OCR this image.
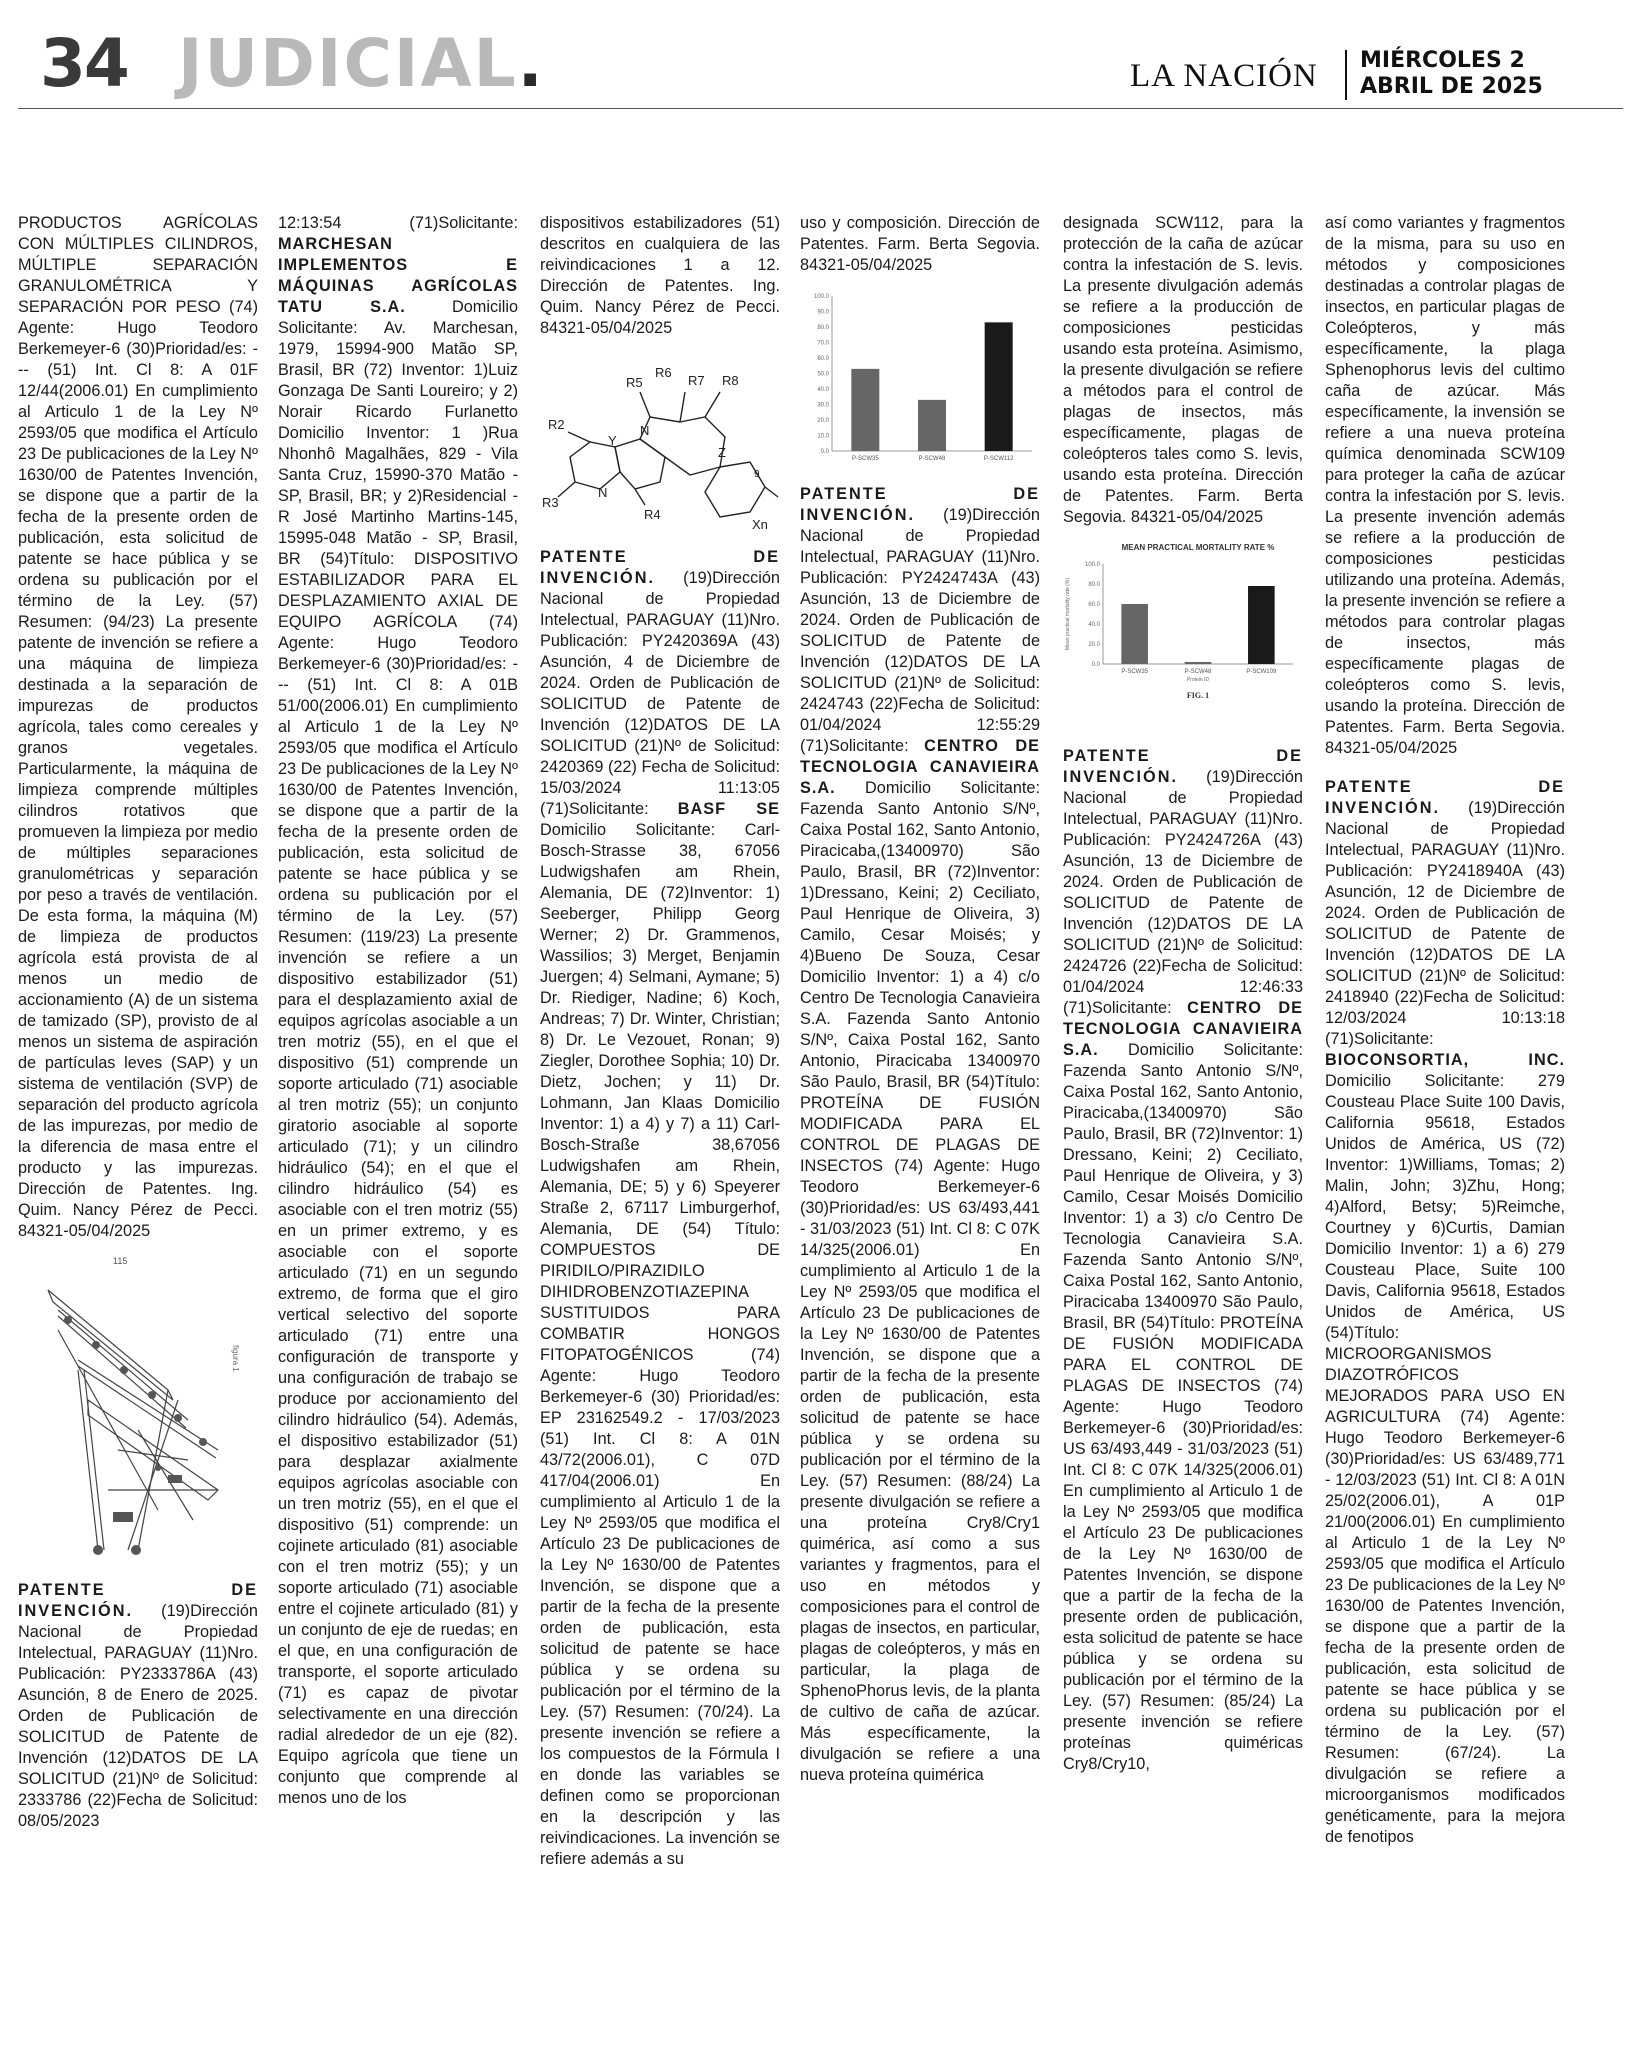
34 JUDICIAL.	LA NACIÓN MIÉRCOLES 2
ABRIL DE 2025

PRODUCTOS AGRÍCOLAS CON MÚLTIPLES CILINDROS, MÚLTIPLE SEPARACIÓN GRANULOMÉTRICA Y SEPARACIÓN POR PESO (74) Agente: Hugo Teodoro Berkemeyer-6 (30)Prioridad/es: --- (51) Int. Cl 8: A 01F 12/44(2006.01) En cumplimiento al Articulo 1 de la Ley Nº 2593/05 que modifica el Artículo 23 De publicaciones de la Ley Nº 1630/00 de Patentes Invención, se dispone que a partir de la fecha de la presente orden de publicación, esta solicitud de patente se hace pública y se ordena su publicación por el término de la Ley. (57) Resumen: (94/23) La presente patente de invención se refiere a una máquina de limpieza destinada a la separación de impurezas de productos agrícola, tales como cereales y granos vegetales. Particularmente, la máquina de limpieza comprende múltiples cilindros rotativos que promueven la limpieza por medio de múltiples separaciones granulométricas y separación por peso a través de ventilación. De esta forma, la máquina (M) de limpieza de productos agrícola está provista de al menos un medio de accionamiento (A) de un sistema de tamizado (SP), provisto de al menos un sistema de aspiración de partículas leves (SAP) y un sistema de ventilación (SVP) de separación del producto agrícola de las impurezas, por medio de la diferencia de masa entre el producto y las impurezas. Dirección de Patentes. Ing. Quim. Nancy Pérez de Pecci. 84321-05/04/2025

115
figura 1

PATENTE DE INVENCIÓN. (19)Dirección Nacional de Propiedad Intelectual, PARAGUAY (11)Nro. Publicación: PY2333786A (43) Asunción, 8 de Enero de 2025. Orden de Publicación de SOLICITUD de Patente de Invención (12)DATOS DE LA SOLICITUD (21)Nº de Solicitud: 2333786 (22)Fecha de Solicitud: 08/05/2023

12:13:54 (71)Solicitante: MARCHESAN IMPLEMENTOS E MÁQUINAS AGRÍCOLAS TATU S.A.	Domicilio Solicitante: Av. Marchesan, 1979, 15994-900 Matão SP, Brasil, BR (72) Inventor: 1)Luiz Gonzaga De Santi Loureiro; y 2) Norair Ricardo Furlanetto Domicilio Inventor: 1 )Rua Nhonhô Magalhães, 829 - Vila Santa Cruz, 15990-370 Matão - SP, Brasil, BR; y 2)Residencial - R José Martinho Martins-145, 15995-048 Matão - SP, Brasil, BR (54)Título: DISPOSITIVO ESTABILIZADOR PARA EL DESPLAZAMIENTO AXIAL DE EQUIPO AGRÍCOLA (74) Agente: Hugo Teodoro Berkemeyer-6 (30)Prioridad/es: --- (51) Int. Cl 8: A 01B 51/00(2006.01) En cumplimiento al Articulo 1 de la Ley Nº 2593/05 que modifica el Artículo 23 De publicaciones de la Ley Nº 1630/00 de Patentes Invención, se dispone que a partir de la fecha de la presente orden de publicación, esta solicitud de patente se hace pública y se ordena su publicación por el término de la Ley. (57) Resumen: (119/23) La presente invención se refiere a un dispositivo estabilizador (51) para el desplazamiento axial de equipos agrícolas asociable a un tren motriz (55), en el que el dispositivo (51) comprende un soporte articulado (71) asociable al tren motriz (55); un conjunto giratorio asociable al soporte articulado (71); y un cilindro hidráulico (54); en el que el cilindro hidráulico (54) es asociable con el tren motriz (55) en un primer extremo, y es asociable con el soporte articulado (71) en un segundo extremo, de forma que el giro vertical selectivo del soporte articulado (71) entre una configuración de transporte y una configuración de trabajo se produce por accionamiento del cilindro hidráulico (54). Además, el dispositivo estabilizador (51) para desplazar axialmente equipos agrícolas asociable con un tren motriz (55), en el que el dispositivo (51) comprende: un cojinete articulado (81) asociable con el tren motriz (55); y un soporte articulado (71) asociable entre el cojinete articulado (81) y un conjunto de eje de ruedas; en el que, en una configuración de transporte, el soporte articulado (71) es capaz de pivotar selectivamente en una dirección radial alrededor de un eje (82). Equipo agrícola que tiene un conjunto que comprende al menos uno de los

dispositivos estabilizadores (51) descritos en cualquiera de las reivindicaciones 1 a 12. Dirección de Patentes. Ing. Quim. Nancy Pérez de Pecci. 84321-05/04/2025

R5
R6
R7 R8
R2
R3
R4
Y
N
N
Z
Xn
9

PATENTE DE INVENCIÓN. (19)Dirección Nacional de Propiedad Intelectual, PARAGUAY (11)Nro. Publicación: PY2420369A (43) Asunción, 4 de Diciembre de 2024. Orden de Publicación de SOLICITUD de Patente de Invención (12)DATOS DE LA SOLICITUD (21)Nº de Solicitud: 2420369 (22) Fecha de Solicitud: 15/03/2024 11:13:05 (71)Solicitante: BASF SE Domicilio Solicitante: Carl-Bosch-Strasse 38, 67056 Ludwigshafen am Rhein, Alemania, DE (72)Inventor: 1) Seeberger, Philipp Georg Werner; 2) Dr. Grammenos, Wassilios; 3) Merget, Benjamin Juergen; 4) Selmani, Aymane; 5) Dr. Riediger, Nadine; 6) Koch, Andreas; 7) Dr. Winter, Christian; 8) Dr. Le Vezouet, Ronan; 9) Ziegler, Dorothee Sophia; 10) Dr. Dietz, Jochen; y 11) Dr. Lohmann, Jan Klaas Domicilio Inventor: 1) a 4) y 7) a 11) Carl-Bosch-Straße 38,67056 Ludwigshafen am Rhein, Alemania, DE; 5) y 6) Speyerer Straße 2, 67117 Limburgerhof, Alemania, DE (54) Título: COMPUESTOS DE PIRIDILO/PIRAZIDILO DIHIDROBENZOTIAZEPINA SUSTITUIDOS PARA COMBATIR HONGOS FITOPATOGÉNICOS (74) Agente: Hugo Teodoro Berkemeyer-6 (30) Prioridad/es: EP 23162549.2 - 17/03/2023 (51) Int. Cl 8: A 01N 43/72(2006.01), C 07D 417/04(2006.01) En cumplimiento al Articulo 1 de la Ley Nº 2593/05 que modifica el Artículo 23 De publicaciones de la Ley Nº 1630/00 de Patentes Invención, se dispone que a partir de la fecha de la presente orden de publicación, esta solicitud de patente se hace pública y se ordena su publicación por el término de la Ley. (57) Resumen: (70/24). La presente invención se refiere a los compuestos de la Fórmula I en donde las variables se definen como se proporcionan en la descripción y las reivindicaciones. La invención se refiere además a su

uso y composición. Dirección de Patentes. Farm. Berta Segovia. 84321-05/04/2025

0.0
10.0
20.0
30.0
40.0
50.0
60.0
70.0
80.0
90.0
100.0
P-SCW35	P-SCW48	P-SCW112

PATENTE DE INVENCIÓN. (19)Dirección Nacional de Propiedad Intelectual, PARAGUAY (11)Nro. Publicación: PY2424743A (43) Asunción, 13 de Diciembre de 2024. Orden de Publicación de SOLICITUD de Patente de Invención (12)DATOS DE LA SOLICITUD (21)Nº de Solicitud: 2424743 (22)Fecha de Solicitud: 01/04/2024 12:55:29 (71)Solicitante: CENTRO DE TECNOLOGIA CANAVIEIRA S.A. Domicilio Solicitante: Fazenda Santo Antonio S/Nº, Caixa Postal 162, Santo Antonio, Piracicaba,(13400970) São Paulo, Brasil, BR (72)Inventor: 1)Dressano, Keini; 2) Ceciliato, Paul Henrique de Oliveira, 3) Camilo, Cesar Moisés; y 4)Bueno De Souza, Cesar Domicilio Inventor: 1) a 4) c/o Centro De Tecnologia Canavieira S.A. Fazenda Santo Antonio S/Nº, Caixa Postal 162, Santo Antonio, Piracicaba 13400970 São Paulo, Brasil, BR (54)Título: PROTEÍNA DE FUSIÓN MODIFICADA PARA EL CONTROL DE PLAGAS DE INSECTOS (74) Agente: Hugo Teodoro Berkemeyer-6 (30)Prioridad/es: US 63/493,441 - 31/03/2023 (51) Int. Cl 8: C 07K 14/325(2006.01) En cumplimiento al Articulo 1 de la Ley Nº 2593/05 que modifica el Artículo 23 De publicaciones de la Ley Nº 1630/00 de Patentes Invención, se dispone que a partir de la fecha de la presente orden de publicación, esta solicitud de patente se hace pública y se ordena su publicación por el término de la Ley. (57) Resumen: (88/24) La presente divulgación se refiere a una proteína Cry8/Cry1 quimérica, así como a sus variantes y fragmentos, para el uso en métodos y composiciones para el control de plagas de insectos, en particular, plagas de coleópteros, y más en particular, la plaga de SphenoPhorus levis, de la planta de cultivo de caña de azúcar. Más específicamente, la divulgación se refiere a una nueva proteína quimérica

designada SCW112, para la protección de la caña de azúcar contra la infestación de S. levis. La presente divulgación además se refiere a la producción de composiciones pesticidas usando esta proteína. Asimismo, la presente divulgación se refiere a métodos para el control de plagas de insectos, más específicamente, plagas de coleópteros tales como S. levis, usando esta proteína. Dirección de Patentes. Farm. Berta Segovia. 84321-05/04/2025

MEAN PRACTICAL MORTALITY RATE %
0.0
20.0
40.0
60.0
80.0
100.0
Mean practical mortality rate (%)
P-SCW35	P-SCW48	P-SCW109
Protein ID
FIG. 1

PATENTE DE INVENCIÓN. (19)Dirección Nacional de Propiedad Intelectual, PARAGUAY (11)Nro. Publicación: PY2424726A (43) Asunción, 13 de Diciembre de 2024. Orden de Publicación de SOLICITUD de Patente de Invención (12)DATOS DE LA SOLICITUD (21)Nº de Solicitud: 2424726 (22)Fecha de Solicitud: 01/04/2024 12:46:33 (71)Solicitante: CENTRO DE TECNOLOGIA CANAVIEIRA S.A. Domicilio Solicitante: Fazenda Santo Antonio S/Nº, Caixa Postal 162, Santo Antonio, Piracicaba,(13400970) São Paulo, Brasil, BR (72)Inventor: 1) Dressano, Keini; 2) Ceciliato, Paul Henrique de Oliveira, y 3) Camilo, Cesar Moisés Domicilio Inventor: 1) a 3) c/o Centro De Tecnologia Canavieira S.A. Fazenda Santo Antonio S/Nº, Caixa Postal 162, Santo Antonio, Piracicaba 13400970 São Paulo, Brasil, BR (54)Título: PROTEÍNA DE FUSIÓN MODIFICADA PARA EL CONTROL DE PLAGAS DE INSECTOS (74) Agente: Hugo Teodoro Berkemeyer-6 (30)Prioridad/es: US 63/493,449 - 31/03/2023 (51) Int. Cl 8: C 07K 14/325(2006.01) En cumplimiento al Articulo 1 de la Ley Nº 2593/05 que modifica el Artículo 23 De publicaciones de la Ley Nº 1630/00 de Patentes Invención, se dispone que a partir de la fecha de la presente orden de publicación, esta solicitud de patente se hace pública y se ordena su publicación por el término de la Ley. (57) Resumen: (85/24) La presente invención se refiere proteínas quiméricas Cry8/Cry10,

así como variantes y fragmentos de la misma, para su uso en métodos y composiciones destinadas a controlar plagas de insectos, en particular plagas de Coleópteros, y más específicamente, la plaga Sphenophorus levis del cultimo caña de azúcar. Más específicamente, la invensión se refiere a una nueva proteína química denominada SCW109 para proteger la caña de azúcar contra la infestación por S. levis. La presente invención además se refiere a la producción de composiciones pesticidas utilizando una proteína. Además, la presente invención se refiere a métodos para controlar plagas de insectos, más específicamente plagas de coleópteros como S. levis, usando la proteína. Dirección de Patentes. Farm. Berta Segovia. 84321-05/04/2025

PATENTE DE INVENCIÓN. (19)Dirección Nacional de Propiedad Intelectual, PARAGUAY (11)Nro. Publicación: PY2418940A (43) Asunción, 12 de Diciembre de 2024. Orden de Publicación de SOLICITUD de Patente de Invención (12)DATOS DE LA SOLICITUD (21)Nº de Solicitud: 2418940 (22)Fecha de Solicitud: 12/03/2024 10:13:18 (71)Solicitante: BIOCONSORTIA, INC. Domicilio Solicitante: 279 Cousteau Place Suite 100 Davis, California 95618, Estados Unidos de América, US (72) Inventor: 1)Williams, Tomas; 2) Malin, John; 3)Zhu, Hong; 4)Alford, Betsy; 5)Reimche, Courtney y 6)Curtis, Damian Domicilio Inventor: 1) a 6) 279 Cousteau Place, Suite 100 Davis, California 95618, Estados Unidos de América, US (54)Título: MICROORGANISMOS DIAZOTRÓFICOS MEJORADOS PARA USO EN AGRICULTURA (74) Agente: Hugo Teodoro Berkemeyer-6 (30)Prioridad/es: US 63/489,771 - 12/03/2023 (51) Int. Cl 8: A 01N 25/02(2006.01), A 01P 21/00(2006.01) En cumplimiento al Articulo 1 de la Ley Nº 2593/05 que modifica el Artículo 23 De publicaciones de la Ley Nº 1630/00 de Patentes Invención, se dispone que a partir de la fecha de la presente orden de publicación, esta solicitud de patente se hace pública y se ordena su publicación por el término de la Ley. (57) Resumen: (67/24). La divulgación se refiere a microorganismos modificados genéticamente, para la mejora de fenotipos
